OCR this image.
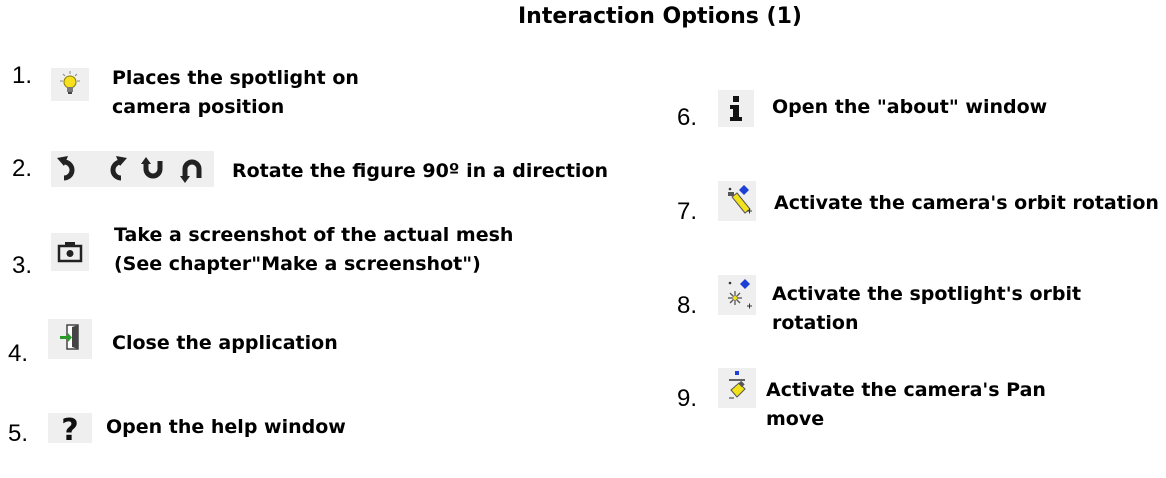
Interaction Options (1)
1.	Places the spotlight on
camera position
2.	Rotate the figure 90º in a direction
3.
Take a screenshot of the actual mesh
(See chapter"Make a screenshot")
4.	Close the application
5. ? Open the help window
6.	Open the "about" window
7.	Activate the camera's orbit rotation
8.	Activate the spotlight's orbit
rotation
9.	Activate the camera's Pan
move
